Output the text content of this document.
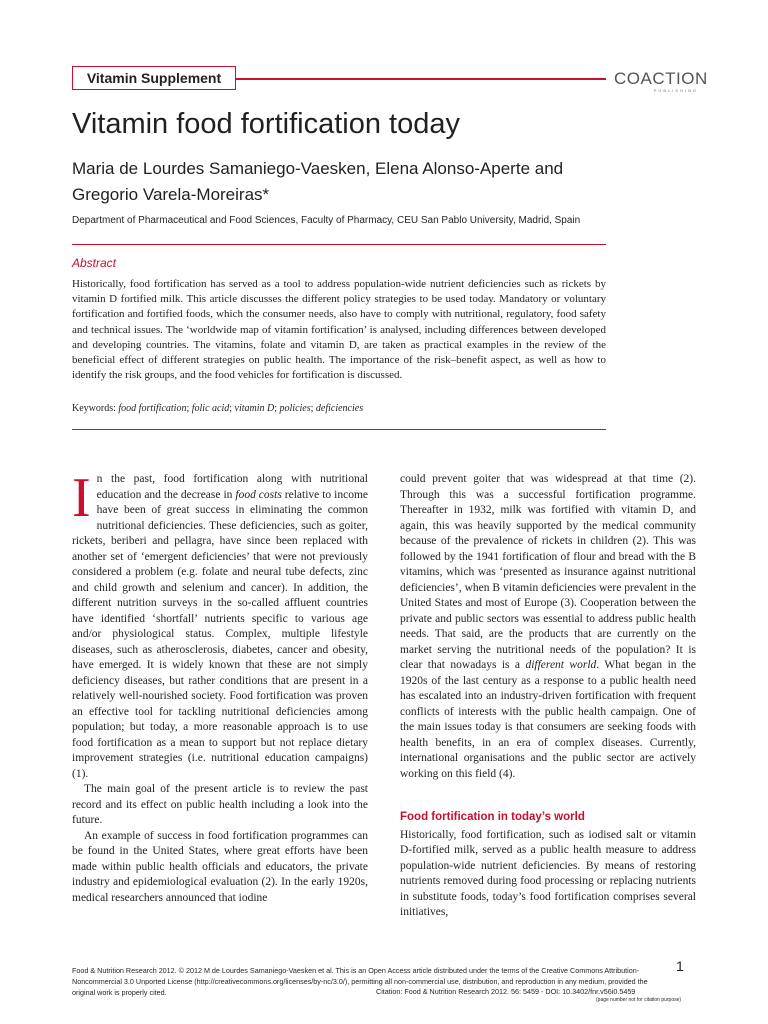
Vitamin Supplement	COACTION
PUBLISHING
Vitamin food fortification today

Maria de Lourdes Samaniego-Vaesken, Elena Alonso-Aperte and Gregorio Varela-Moreiras*

Department of Pharmaceutical and Food Sciences, Faculty of Pharmacy, CEU San Pablo University, Madrid, Spain

Abstract

Historically, food fortification has served as a tool to address population-wide nutrient deficiencies such as rickets by vitamin D fortified milk. This article discusses the different policy strategies to be used today. Mandatory or voluntary fortification and fortified foods, which the consumer needs, also have to comply with nutritional, regulatory, food safety and technical issues. The ‘worldwide map of vitamin fortification’ is analysed, including differences between developed and developing countries. The vitamins, folate and vitamin D, are taken as practical examples in the review of the beneficial effect of different strategies on public health. The importance of the risk–benefit aspect, as well as how to identify the risk groups, and the food vehicles for fortification is discussed.

Keywords: food fortification; folic acid; vitamin D; policies; deficiencies

In the past, food fortification along with nutritional education and the decrease in food costs relative to income have been of great success in eliminating the common nutritional deficiencies. These deficiencies, such as goiter, rickets, beriberi and pellagra, have since been replaced with another set of ‘emergent deficiencies’ that were not previously considered a problem (e.g. folate and neural tube defects, zinc and child growth and selenium and cancer). In addition, the different nutrition surveys in the so-called affluent countries have identified ‘shortfall’ nutrients specific to various age and/or physiological status. Complex, multiple lifestyle diseases, such as atherosclerosis, diabetes, cancer and obesity, have emerged. It is widely known that these are not simply deficiency diseases, but rather conditions that are present in a relatively well-nourished society. Food fortification was proven an effective tool for tackling nutritional deficiencies among population; but today, a more reasonable approach is to use food fortification as a mean to support but not replace dietary improvement strategies (i.e. nutritional education campaigns) (1).

The main goal of the present article is to review the past record and its effect on public health including a look into the future.

An example of success in food fortification programmes can be found in the United States, where great efforts have been made within public health officials and educators, the private industry and epidemiological evaluation (2). In the early 1920s, medical researchers announced that iodine

could prevent goiter that was widespread at that time (2). Through this was a successful fortification programme. Thereafter in 1932, milk was fortified with vitamin D, and again, this was heavily supported by the medical community because of the prevalence of rickets in children (2). This was followed by the 1941 fortification of flour and bread with the B vitamins, which was ‘presented as insurance against nutritional deficiencies’, when B vitamin deficiencies were prevalent in the United States and most of Europe (3). Cooperation between the private and public sectors was essential to address public health needs. That said, are the products that are currently on the market serving the nutritional needs of the population? It is clear that nowadays is a different world. What began in the 1920s of the last century as a response to a public health need has escalated into an industry-driven fortification with frequent conflicts of interests with the public health campaign. One of the main issues today is that consumers are seeking foods with health benefits, in an era of complex diseases. Currently, international organisations and the public sector are actively working on this field (4).

Food fortification in today’s world

Historically, food fortification, such as iodised salt or vitamin D-fortified milk, served as a public health measure to address population-wide nutrient deficiencies. By means of restoring nutrients removed during food processing or replacing nutrients in substitute foods, today’s food fortification comprises several initiatives,

1

Food & Nutrition Research 2012. © 2012 M de Lourdes Samaniego-Vaesken et al. This is an Open Access article distributed under the terms of the Creative Commons Attribution-Noncommercial 3.0 Unported License (http://creativecommons.org/licenses/by-nc/3.0/), permitting all non-commercial use, distribution, and reproduction in any medium, provided the original work is properly cited.	Citation: Food & Nutrition Research 2012. 56: 5459 - DOI: 10.3402/fnr.v56i0.5459

(page number not for citation purpose)
